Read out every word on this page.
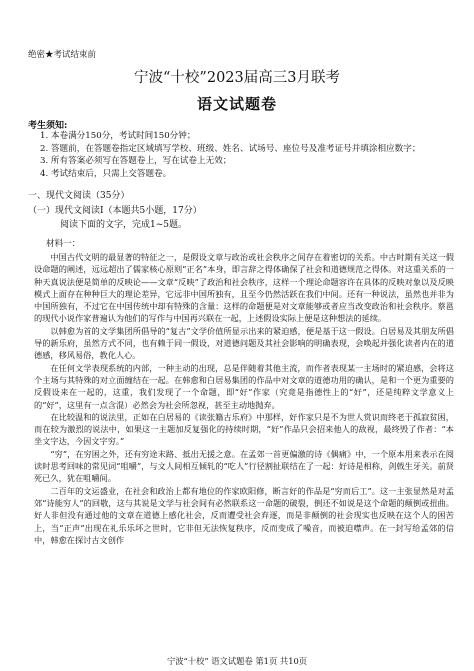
绝密★考试结束前
宁波“十校”2023届高三3月联考
语文试题卷
考生须知:
1. 本卷满分150分，考试时间150分钟；
2. 答题前，在答题卷指定区域填写学校、班级、姓名、试场号、座位号及准考证号并填涂相应数字；
3. 所有答案必须写在答题卷上，写在试卷上无效；
4. 考试结束后，只需上交答题卷。
一、现代文阅读（35分）
（一）现代文阅读Ⅰ（本题共5小题，17分）
阅读下面的文字，完成1~5题。
材料一：

中国古代文明的最显著的特征之一，是假设文章与政治或社会秩序之间存在着密切的关系。中古时期有关这一假设命题的阐述，远远超出了儒家核心原则“正名”本身，即言辞之得体确保了社会和道德规范之得体。对这重关系的一种天真说法便是简单的反映论——文章“反映”了政治和社会秩序，这样一个理论命题容许在具体的反映对象以及反映模式上面存在种种巨大的理论差异，它远非中国所独有，且至今仍然活跃在我们中间。还有一种说法，虽然也并非为中国所独有，不过它在中国传统中却有特殊的含量：这样的命题便是对文章能够或者应当改变政治和社会秩序。蔡邕的现代小说作家普遍认为他们的写作与中国再兴联在一起，上述假设实际上便是这种想法的延续。

以韩愈为首的文学集团所倡导的“复古”文学价值所显示出来的紧迫感，便是基于这一假设。白居易及其朋友所倡导的新乐府，虽然方式不同，也有赖于同一假设，对道德问题及其社会影响的明确表现，会唤起并强化读者内在的道德感，移风易俗，教化人心。

在任何文学表现系统的内部，一种主动的出现，总是伴随着其他主流，而作者表现某一主场时的紧迫感，会将这个主场与其特殊的对立面缠结在一起。在韩愈和白居易集团的作品中对文章的道德功用的确认，是和一个更为重要的反假设来在一起的，这重，我们发现了一个命题，即“好”作家（究竟是指德性上的“好”，还是纯粹文学意义上的“好”，这里有一点含混）必然会为社会所忽视，甚至主动地抛弃。

在比较温和的说法里，正如在白居易的《读张籍古乐府》中那样，好作家只是不为世人赏识而终老于孤寂贫困，而在较为激烈的说法中，如果这一主题加反复强化的持续时期，“好”作品只会招来他人的敌视，最终毁了作者：“本坐文字达，今因文字穷。”

“穷”，在穷困之外，还有穷途末路、抵出无援之意。在孟郊一首更偏激的诗《偶痛》中，一个原本用来表示在阅读时思考回味的常见词“咀嚼”，与文人间相互倾轧的“吃人”行径割扯联结在了一起：好诗是相称，剑戟生牙关。前贤死已久，犹在咀嚼间。

二百年的文运盛业，在社会和政治上都有地位的作家欧阳修，断言好的作品是“穷而后工”。这一主张显然是对孟郊“诗能穷人”的回敬，这与其说是文学与社会间有必然联系这一命题的破裂，倒还不如说是这个命题的颠倒或扭曲。好人非但没有通过他的文章在道德上感化社会，反而遭受社会弃逐，而是非颠倒的社会现实也反映在这个人的困苦上，当“正声”出现在礼乐乐坏之世时，它非但无法恢复秩序，反而变成了噪音，而被迫噤声。在一封写给孟郊的信中，韩愈在探讨古文创作

宁波“十校” 语文试题卷 第1页 共10页
